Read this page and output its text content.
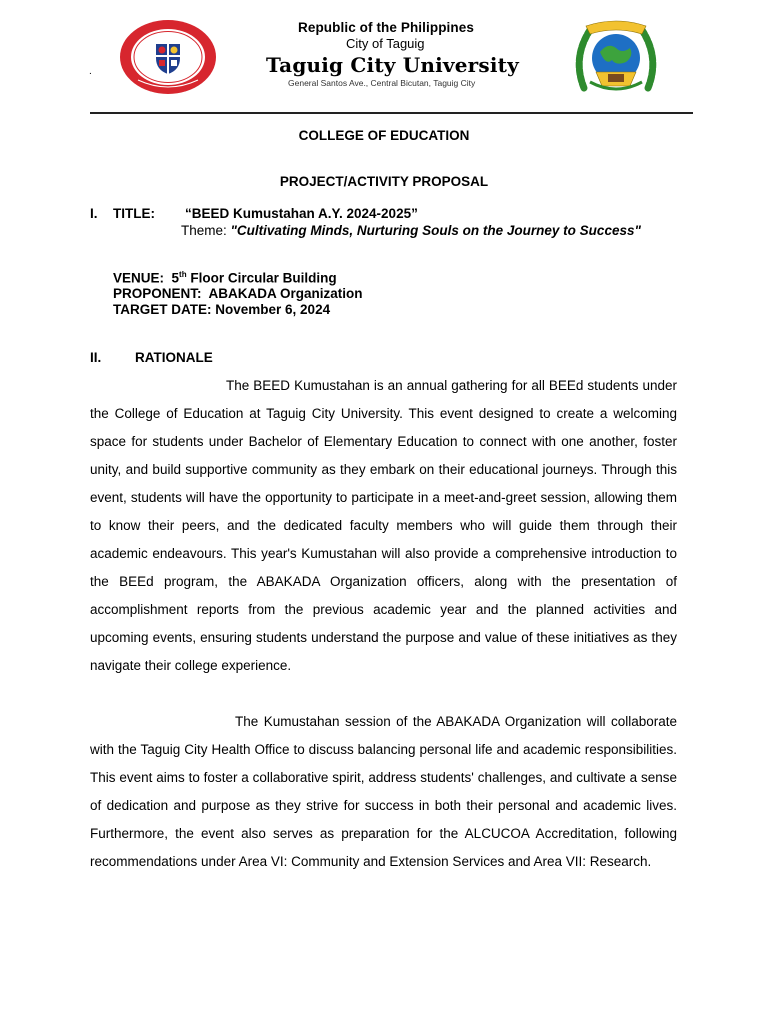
.
Republic of the Philippines
City of Taguig
Taguig City University
General Santos Ave., Central Bicutan, Taguig City
COLLEGE OF EDUCATION
PROJECT/ACTIVITY PROPOSAL
I. TITLE: “BEED Kumustahan A.Y. 2024-2025”
Theme: "Cultivating Minds, Nurturing Souls on the Journey to Success"
VENUE: 5th Floor Circular Building
PROPONENT: ABAKADA Organization
TARGET DATE: November 6, 2024
II. RATIONALE

The BEED Kumustahan is an annual gathering for all BEEd students under the College of Education at Taguig City University. This event designed to create a welcoming space for students under Bachelor of Elementary Education to connect with one another, foster unity, and build supportive community as they embark on their educational journeys. Through this event, students will have the opportunity to participate in a meet-and-greet session, allowing them to know their peers, and the dedicated faculty members who will guide them through their academic endeavours. This year's Kumustahan will also provide a comprehensive introduction to the BEEd program, the ABAKADA Organization officers, along with the presentation of accomplishment reports from the previous academic year and the planned activities and upcoming events, ensuring students understand the purpose and value of these initiatives as they navigate their college experience.

The Kumustahan session of the ABAKADA Organization will collaborate with the Taguig City Health Office to discuss balancing personal life and academic responsibilities. This event aims to foster a collaborative spirit, address students' challenges, and cultivate a sense of dedication and purpose as they strive for success in both their personal and academic lives. Furthermore, the event also serves as preparation for the ALCUCOA Accreditation, following recommendations under Area VI: Community and Extension Services and Area VII: Research.
